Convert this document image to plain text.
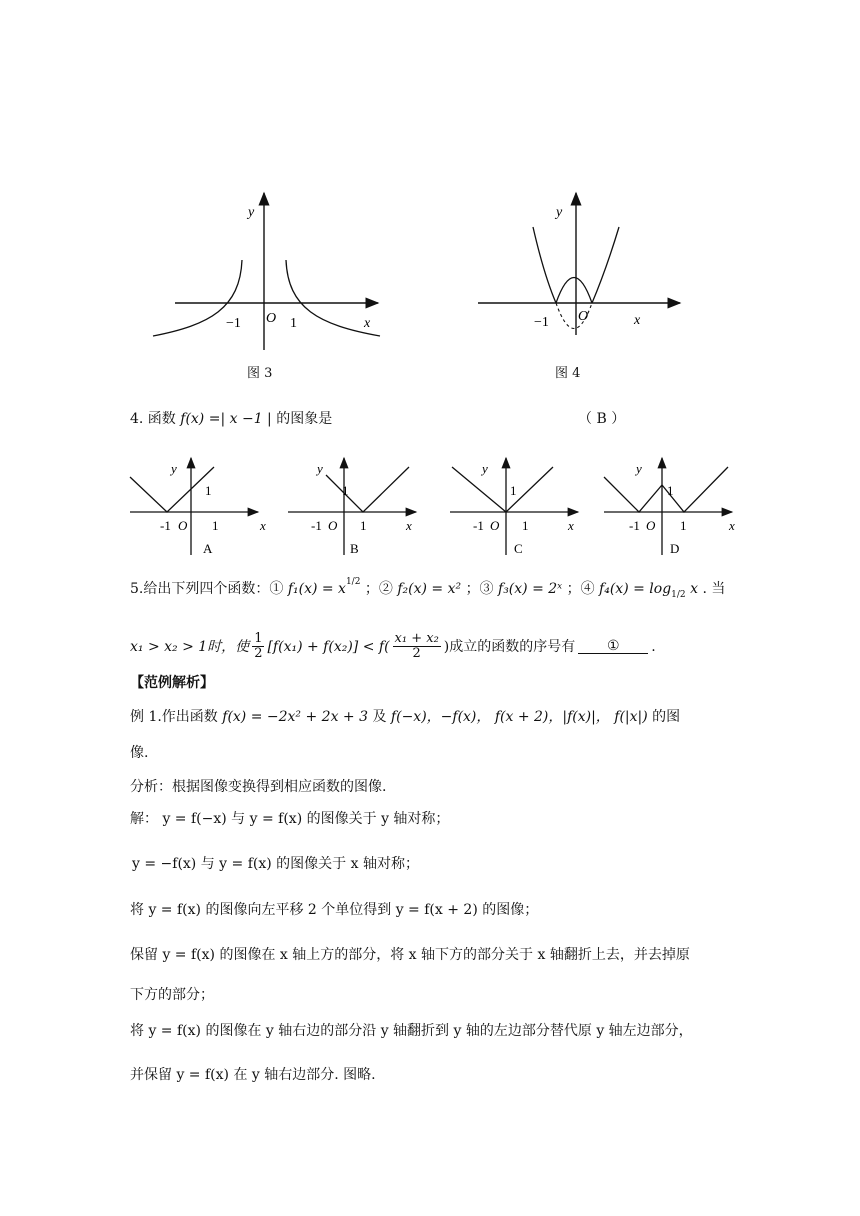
y
O
−1	1	x
图 3
y
O
−1	x
图 4
4. 函数 f(x) =| x −1 | 的图象是	（ B ）
y
1
-1 O 1	x
A
y
1
-1 O 1	x
B
y
1
-1 O 1	x
C
y
1
-1 O 1	x
D
5.给出下列四个函数：① $f_1(x) = x^{1/2}$ ；② f₂(x) = x² ；③ f₃(x) = 2ˣ ；④ $f_4(x) = \log_{1/2} x$ . 当
x₁ > x₂ > 1时，使 $\frac{1}{2} [f(x_1) + f(x_2)] < f( \frac{\text{x₁ + x₂}}{2}$ )成立的函数的序号有	①	.
【范例解析】
例 1.作出函数 f(x) = −2x² + 2x + 3 及 f(−x)，−f(x)， f(x + 2)，|f(x)|， f(|x|) 的图
像.
分析：根据图像变换得到相应函数的图像.
解： y = f(−x) 与 y = f(x) 的图像关于 y 轴对称；
y = −f(x) 与 y = f(x) 的图像关于 x 轴对称；
将 y = f(x) 的图像向左平移 2 个单位得到 y = f(x + 2) 的图像；
保留 y = f(x) 的图像在 x 轴上方的部分，将 x 轴下方的部分关于 x 轴翻折上去，并去掉原
下方的部分；
将 y = f(x) 的图像在 y 轴右边的部分沿 y 轴翻折到 y 轴的左边部分替代原 y 轴左边部分，
并保留 y = f(x) 在 y 轴右边部分. 图略.
